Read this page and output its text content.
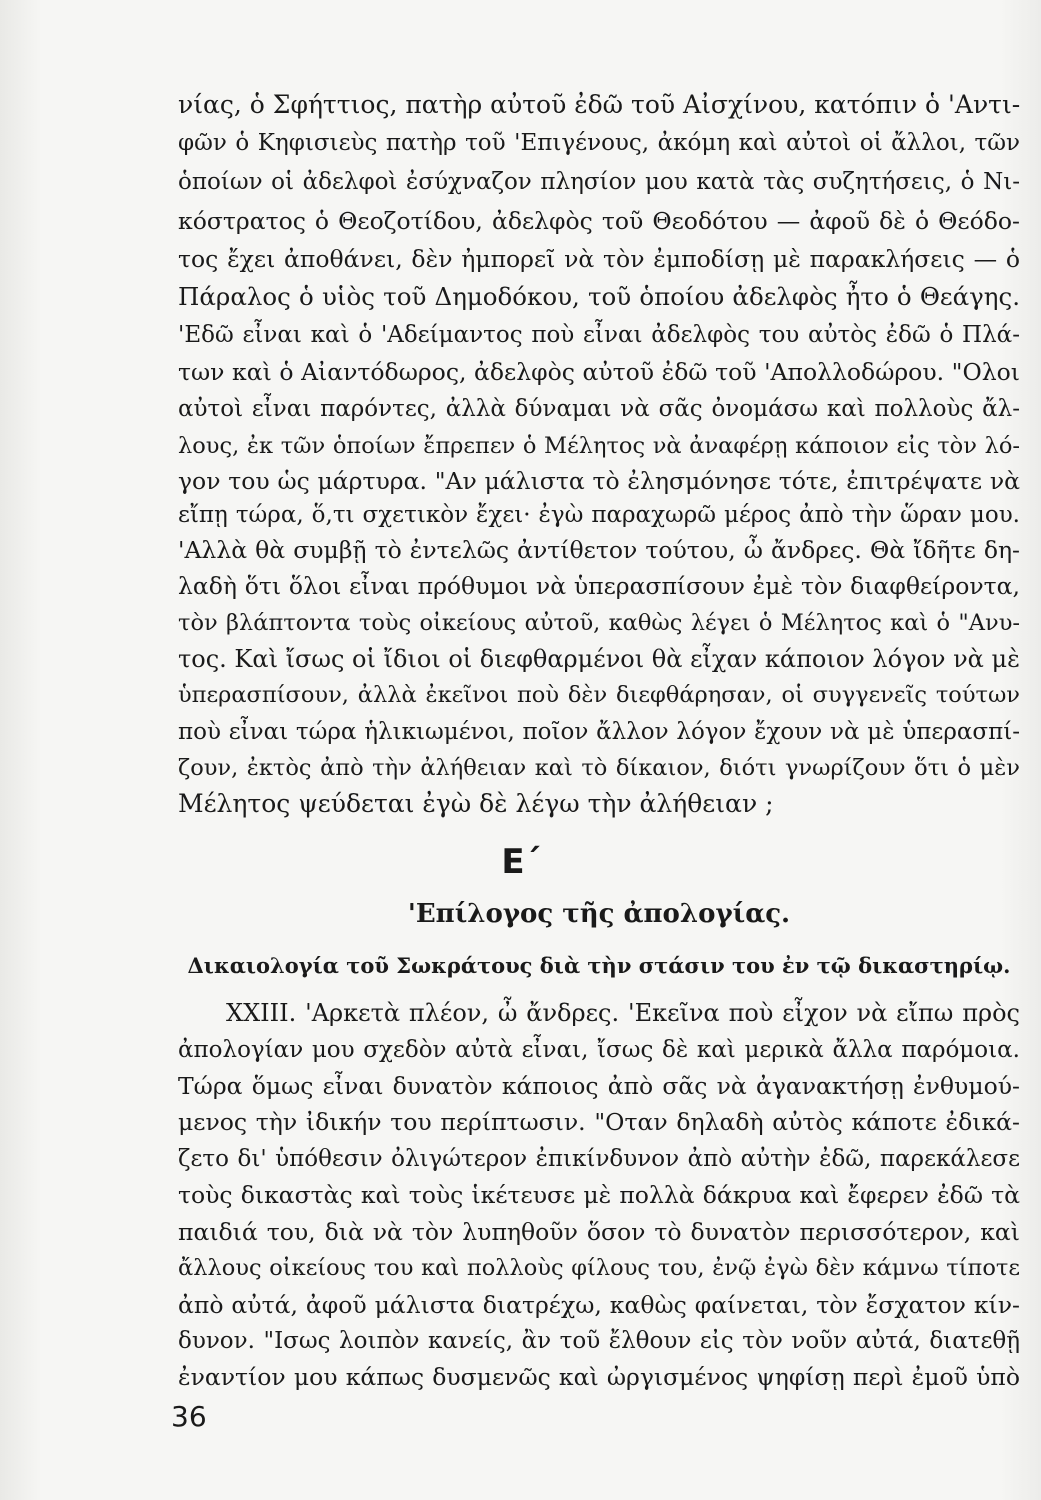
νίας, ὁ Σφήττιος, πατὴρ αὐτοῦ ἐδῶ τοῦ Αἰσχίνου, κατόπιν ὁ 'Αντι-
φῶν ὁ Κηφισιεὺς πατὴρ τοῦ 'Επιγένους, ἀκόμη καὶ αὐτοὶ οἱ ἄλλοι, τῶν
ὁποίων οἱ ἀδελφοὶ ἐσύχναζον πλησίον μου κατὰ τὰς συζητήσεις, ὁ Νι-
κόστρατος ὁ Θεοζοτίδου, ἀδελφὸς τοῦ Θεοδότου — ἀφοῦ δὲ ὁ Θεόδο-
τος ἔχει ἀποθάνει, δὲν ἠμπορεῖ νὰ τὸν ἐμποδίσῃ μὲ παρακλήσεις — ὁ
Πάραλος ὁ υἱὸς τοῦ Δημοδόκου, τοῦ ὁποίου ἀδελφὸς ἦτο ὁ Θεάγης.
'Εδῶ εἶναι καὶ ὁ 'Αδείμαντος ποὺ εἶναι ἀδελφὸς του αὐτὸς ἐδῶ ὁ Πλά-
των καὶ ὁ Αἰαντόδωρος, ἀδελφὸς αὐτοῦ ἐδῶ τοῦ 'Απολλοδώρου. "Ολοι
αὐτοὶ εἶναι παρόντες, ἀλλὰ δύναμαι νὰ σᾶς ὀνομάσω καὶ πολλοὺς ἄλ-
λους, ἐκ τῶν ὁποίων ἔπρεπεν ὁ Μέλητος νὰ ἀναφέρῃ κάποιον εἰς τὸν λό-
γον του ὡς μάρτυρα. "Αν μάλιστα τὸ ἐλησμόνησε τότε, ἐπιτρέψατε νὰ
εἴπῃ τώρα, ὅ,τι σχετικὸν ἔχει· ἐγὼ παραχωρῶ μέρος ἀπὸ τὴν ὥραν μου.
'Αλλὰ θὰ συμβῇ τὸ ἐντελῶς ἀντίθετον τούτου, ὦ ἄνδρες. Θὰ ἴδῆτε δη-
λαδὴ ὅτι ὅλοι εἶναι πρόθυμοι νὰ ὑπερασπίσουν ἐμὲ τὸν διαφθείροντα,
τὸν βλάπτοντα τοὺς οἰκείους αὐτοῦ, καθὼς λέγει ὁ Μέλητος καὶ ὁ "Ανυ-
τος. Καὶ ἴσως οἱ ἴδιοι οἱ διεφθαρμένοι θὰ εἶχαν κάποιον λόγον νὰ μὲ
ὑπερασπίσουν, ἀλλὰ ἐκεῖνοι ποὺ δὲν διεφθάρησαν, οἱ συγγενεῖς τούτων
ποὺ εἶναι τώρα ἡλικιωμένοι, ποῖον ἄλλον λόγον ἔχουν νὰ μὲ ὑπερασπί-
ζουν, ἐκτὸς ἀπὸ τὴν ἀλήθειαν καὶ τὸ δίκαιον, διότι γνωρίζουν ὅτι ὁ μὲν
Μέλητος ψεύδεται ἐγὼ δὲ λέγω τὴν ἀλήθειαν ;
Ε΄
'Επίλογος τῆς ἀπολογίας.
Δικαιολογία τοῦ Σωκράτους διὰ τὴν στάσιν του ἐν τῷ δικαστηρίῳ.
XXIII. 'Αρκετὰ πλέον, ὦ ἄνδρες. 'Εκεῖνα ποὺ εἶχον νὰ εἴπω πρὸς
ἀπολογίαν μου σχεδὸν αὐτὰ εἶναι, ἴσως δὲ καὶ μερικὰ ἄλλα παρόμοια.
Τώρα ὅμως εἶναι δυνατὸν κάποιος ἀπὸ σᾶς νὰ ἀγανακτήσῃ ἐνθυμού-
μενος τὴν ἰδικήν του περίπτωσιν. "Οταν δηλαδὴ αὐτὸς κάποτε ἐδικά-
ζετο δι' ὑπόθεσιν ὀλιγώτερον ἐπικίνδυνον ἀπὸ αὐτὴν ἐδῶ, παρεκάλεσε
τοὺς δικαστὰς καὶ τοὺς ἱκέτευσε μὲ πολλὰ δάκρυα καὶ ἔφερεν ἐδῶ τὰ
παιδιά του, διὰ νὰ τὸν λυπηθοῦν ὅσον τὸ δυνατὸν περισσότερον, καὶ
ἄλλους οἰκείους του καὶ πολλοὺς φίλους του, ἐνῷ ἐγὼ δὲν κάμνω τίποτε
ἀπὸ αὐτά, ἀφοῦ μάλιστα διατρέχω, καθὼς φαίνεται, τὸν ἔσχατον κίν-
δυνον. "Ισως λοιπὸν κανείς, ἂν τοῦ ἔλθουν εἰς τὸν νοῦν αὐτά, διατεθῇ
ἐναντίον μου κάπως δυσμενῶς καὶ ὠργισμένος ψηφίσῃ περὶ ἐμοῦ ὑπὸ
36
